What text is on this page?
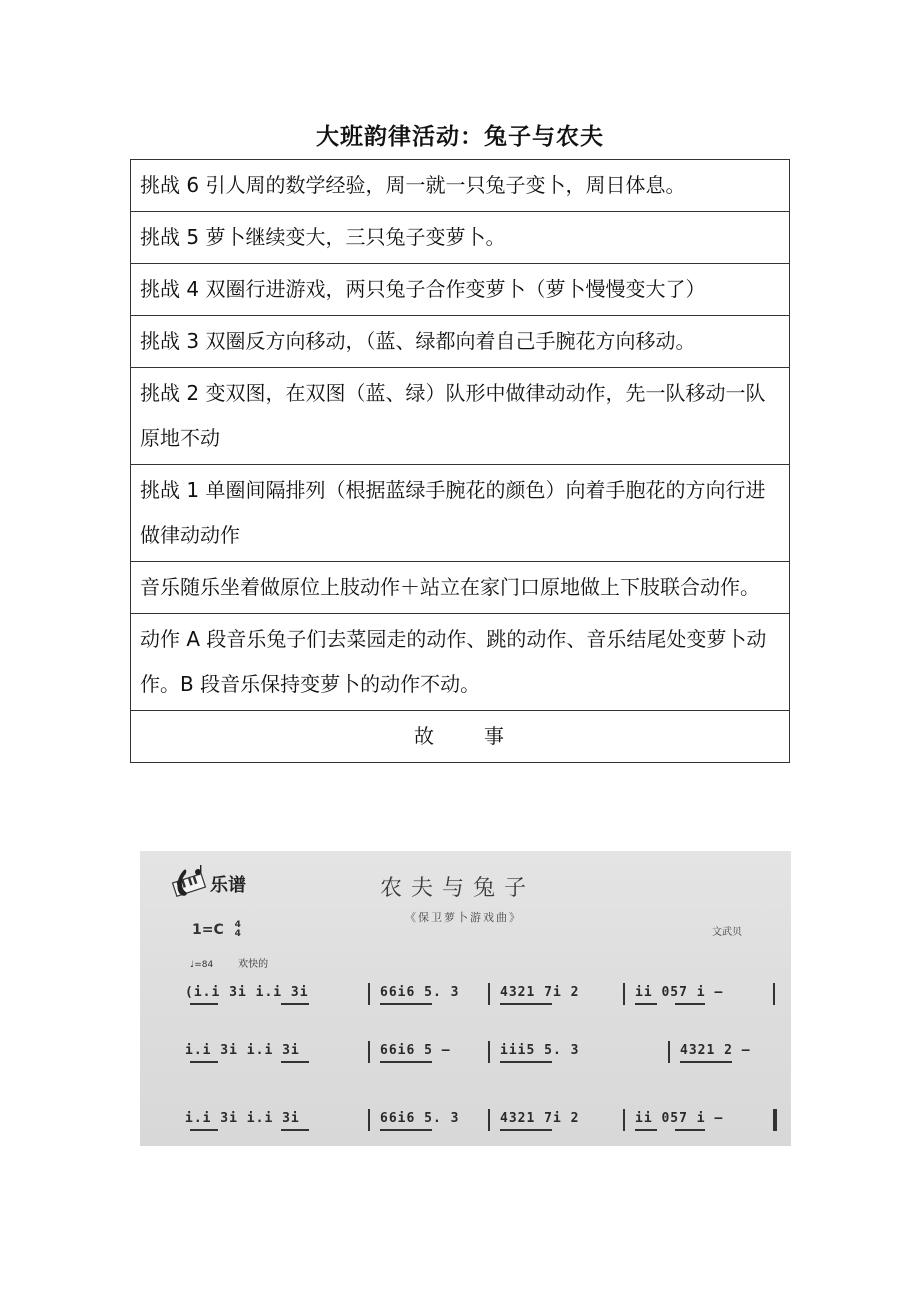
大班韵律活动：兔子与农夫
挑战 6 引人周的数学经验，周一就一只兔子变卜，周日体息。
挑战 5 萝卜继续变大，三只兔子变萝卜。
挑战 4 双圈行进游戏，两只兔子合作变萝卜（萝卜慢慢变大了）
挑战 3 双圈反方向移动，（蓝、绿都向着自己手腕花方向移动。
挑战 2 变双图，在双图（蓝、绿）队形中做律动动作，先一队移动一队原地不动
挑战 1 单圈间隔排列（根据蓝绿手腕花的颜色）向着手胞花的方向行进做律动动作
音乐随乐坐着做原位上肢动作＋站立在家门口原地做上下肢联合动作。
动作 A 段音乐兔子们去菜园走的动作、跳的动作、音乐结尾处变萝卜动作。B 段音乐保持变萝卜的动作不动。
故 事
乐谱	农夫与兔子
《保卫萝卜游戏曲》
文武贝
1=C 4
4
♩=84 欢快的
(i.i 3i i.i 3i	66i6 5. 3	4321 7i 2	ii 057 i –
i.i 3i i.i 3i	66i6 5 –	iii5 5. 3	4321 2 –
i.i 3i i.i 3i	66i6 5. 3	4321 7i 2	ii 057 i –
